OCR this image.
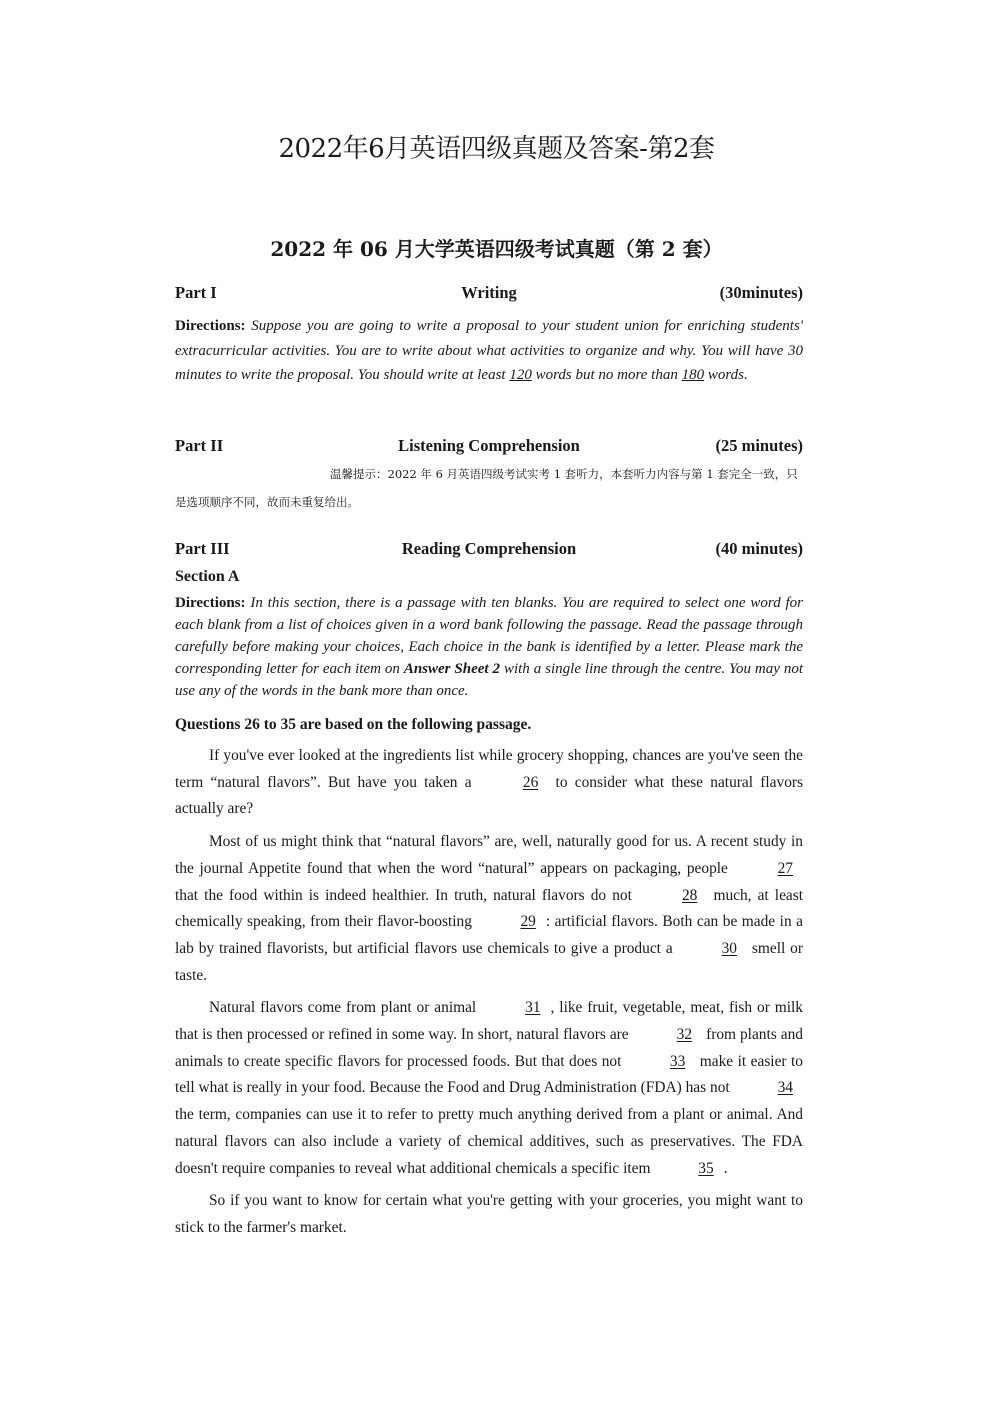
2022年6月英语四级真题及答案-第2套
2022 年 06 月大学英语四级考试真题（第 2 套）
Part I	Writing	(30minutes)
Directions: Suppose you are going to write a proposal to your student union for enriching students' extracurricular activities. You are to write about what activities to organize and why. You will have 30 minutes to write the proposal. You should write at least 120 words but no more than 180 words.
Part II	Listening Comprehension	(25 minutes)
温馨提示：2022 年 6 月英语四级考试实考 1 套听力，本套听力内容与第 1 套完全一致，只是选项顺序不同，故而未重复给出。
Part III	Reading Comprehension	(40 minutes)
Section A
Directions: In this section, there is a passage with ten blanks. You are required to select one word for each blank from a list of choices given in a word bank following the passage. Read the passage through carefully before making your choices, Each choice in the bank is identified by a letter. Please mark the corresponding letter for each item on Answer Sheet 2 with a single line through the centre. You may not use any of the words in the bank more than once.
Questions 26 to 35 are based on the following passage.

If you've ever looked at the ingredients list while grocery shopping, chances are you've seen the term “natural flavors”. But have you taken a	26 to consider what these natural flavors actually are?

Most of us might think that “natural flavors” are, well, naturally good for us. A recent study in the journal Appetite found that when the word “natural” appears on packaging, people	27 that the food within is indeed healthier. In truth, natural flavors do not	28 much, at least chemically speaking, from their flavor-boosting	29 : artificial flavors. Both can be made in a lab by trained flavorists, but artificial flavors use chemicals to give a product a	30 smell or taste.

Natural flavors come from plant or animal	31 , like fruit, vegetable, meat, fish or milk that is then processed or refined in some way. In short, natural flavors are	32 from plants and animals to create specific flavors for processed foods. But that does not	33 make it easier to tell what is really in your food. Because the Food and Drug Administration (FDA) has not	34 the term, companies can use it to refer to pretty much anything derived from a plant or animal. And natural flavors can also include a variety of chemical additives, such as preservatives. The FDA doesn't require companies to reveal what additional chemicals a specific item	35 .

So if you want to know for certain what you're getting with your groceries, you might want to stick to the farmer's market.
